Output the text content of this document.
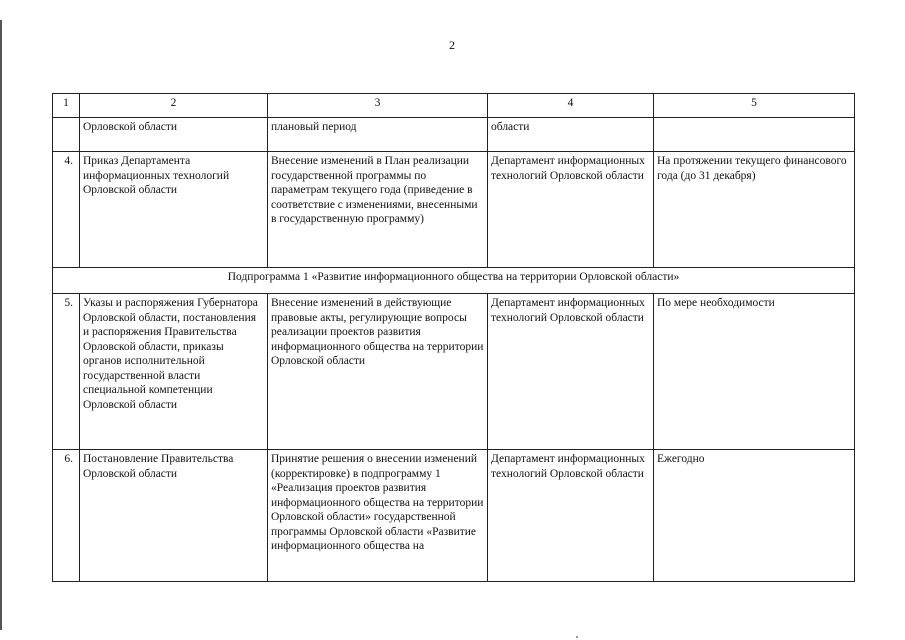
2
1	2	3	4	5
	Орловской области	плановый период	области	
4.	Приказ Департамента информационных технологий Орловской области	Внесение изменений в План реализации государственной программы по параметрам текущего года (приведение в соответствие с изменениями, внесенными в государственную программу)	Департамент информационных технологий Орловской области	На протяжении текущего финансового года (до 31 декабря)
Подпрограмма 1 «Развитие информационного общества на территории Орловской области»				
5.	Указы и распоряжения Губернатора Орловской области, постановления и распоряжения Правительства Орловской области, приказы органов исполнительной государственной власти специальной компетенции Орловской области	Внесение изменений в действующие правовые акты, регулирующие вопросы реализации проектов развития информационного общества на территории Орловской области	Департамент информационных технологий Орловской области	По мере необходимости
6.	Постановление Правительства Орловской области	Принятие решения о внесении изменений (корректировке) в подпрограмму 1 «Реализация проектов развития информационного общества на территории Орловской области» государственной программы Орловской области «Развитие информационного общества на	Департамент информационных технологий Орловской области	Ежегодно
